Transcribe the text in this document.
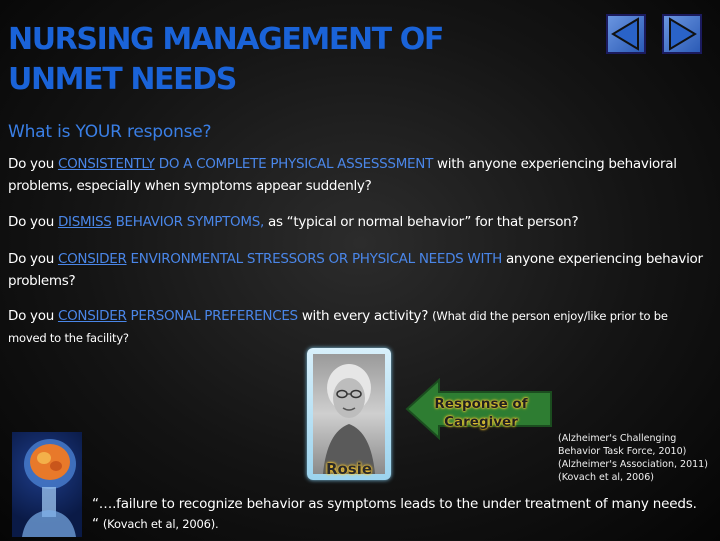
NURSING MANAGEMENT OF
UNMET NEEDS
What is YOUR response?
Do you CONSISTENTLY DO A COMPLETE PHYSICAL ASSESSSMENT with anyone experiencing behavioral problems, especially when symptoms appear suddenly?
Do you DISMISS BEHAVIOR SYMPTOMS, as “typical or normal behavior” for that person?
Do you CONSIDER ENVIRONMENTAL STRESSORS OR PHYSICAL NEEDS WITH anyone experiencing behavior problems?
Do you CONSIDER PERSONAL PREFERENCES with every activity? (What did the person enjoy/like prior to be moved to the facility?
Rosie
Response of Caregiver
(Alzheimer's Challenging
Behavior Task Force, 2010)
(Alzheimer's Association, 2011)
(Kovach et al, 2006)
“….failure to recognize behavior as symptoms leads to the under treatment of many needs. “ (Kovach et al, 2006).
